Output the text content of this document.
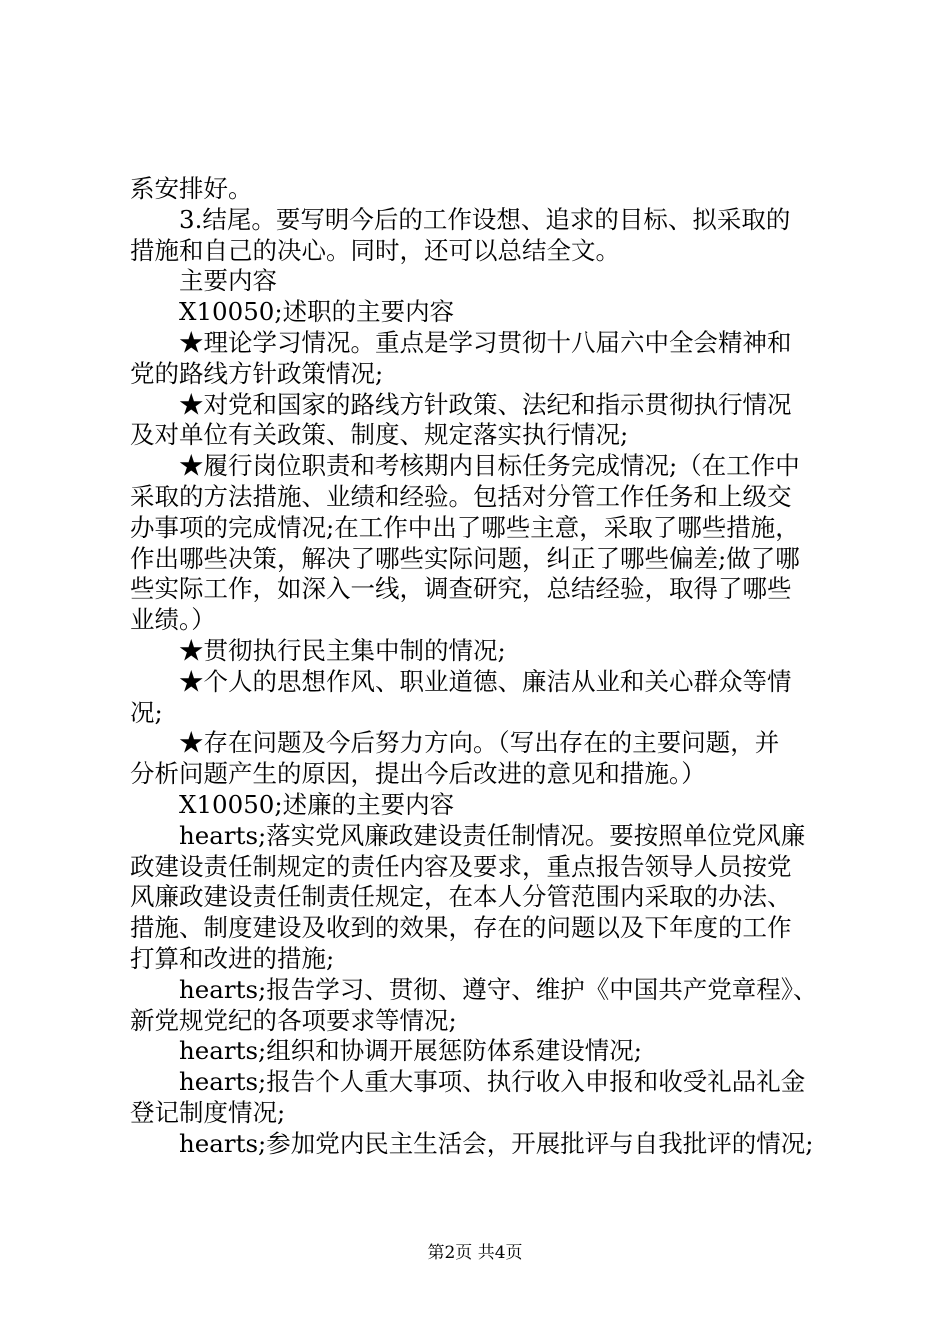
系安排好。
3.结尾。要写明今后的工作设想、追求的目标、拟采取的
措施和自己的决心。同时，还可以总结全文。
主要内容
X10050;述职的主要内容
★理论学习情况。重点是学习贯彻十八届六中全会精神和
党的路线方针政策情况;
★对党和国家的路线方针政策、法纪和指示贯彻执行情况
及对单位有关政策、制度、规定落实执行情况;
★履行岗位职责和考核期内目标任务完成情况;（在工作中
采取的方法措施、业绩和经验。包括对分管工作任务和上级交
办事项的完成情况;在工作中出了哪些主意，采取了哪些措施，
作出哪些决策，解决了哪些实际问题，纠正了哪些偏差;做了哪
些实际工作，如深入一线，调查研究，总结经验，取得了哪些
业绩。）
★贯彻执行民主集中制的情况;
★个人的思想作风、职业道德、廉洁从业和关心群众等情
况;
★存在问题及今后努力方向。（写出存在的主要问题，并
分析问题产生的原因，提出今后改进的意见和措施。）
X10050;述廉的主要内容
hearts;落实党风廉政建设责任制情况。要按照单位党风廉
政建设责任制规定的责任内容及要求，重点报告领导人员按党
风廉政建设责任制责任规定，在本人分管范围内采取的办法、
措施、制度建设及收到的效果，存在的问题以及下年度的工作
打算和改进的措施;
hearts;报告学习、贯彻、遵守、维护《中国共产党章程》、
新党规党纪的各项要求等情况;
hearts;组织和协调开展惩防体系建设情况;
hearts;报告个人重大事项、执行收入申报和收受礼品礼金
登记制度情况;
hearts;参加党内民主生活会，开展批评与自我批评的情况;
第2页 共4页
